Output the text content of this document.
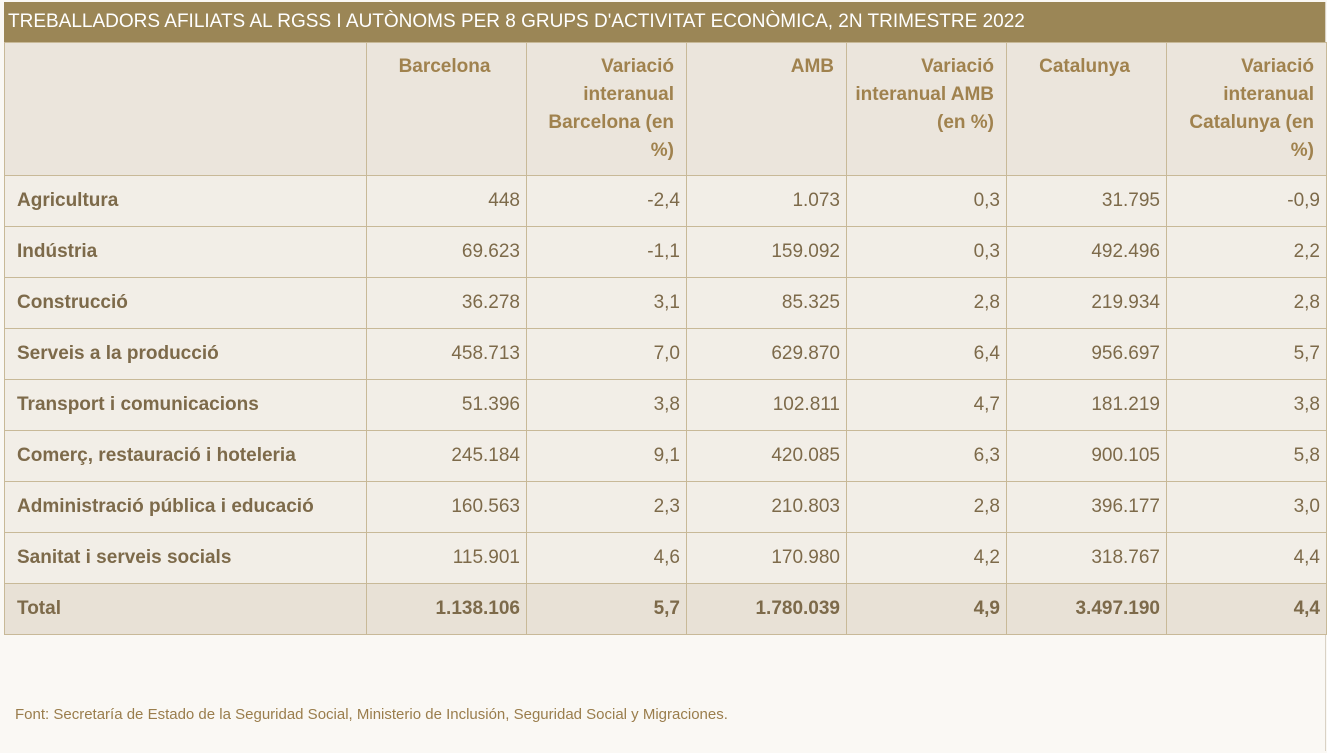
TREBALLADORS AFILIATS AL RGSS I AUTÒNOMS PER 8 GRUPS D'ACTIVITAT ECONÒMICA, 2N TRIMESTRE 2022
	Barcelona	Variació interanual Barcelona (en %)	AMB	Variació interanual AMB (en %)	Catalunya	Variació interanual Catalunya (en %)
Agricultura	448	-2,4	1.073	0,3	31.795	-0,9
Indústria	69.623	-1,1	159.092	0,3	492.496	2,2
Construcció	36.278	3,1	85.325	2,8	219.934	2,8
Serveis a la producció	458.713	7,0	629.870	6,4	956.697	5,7
Transport i comunicacions	51.396	3,8	102.811	4,7	181.219	3,8
Comerç, restauració i hoteleria	245.184	9,1	420.085	6,3	900.105	5,8
Administració pública i educació	160.563	2,3	210.803	2,8	396.177	3,0
Sanitat i serveis socials	115.901	4,6	170.980	4,2	318.767	4,4
Total	1.138.106	5,7	1.780.039	4,9	3.497.190	4,4
Font: Secretaría de Estado de la Seguridad Social, Ministerio de Inclusión, Seguridad Social y Migraciones.
